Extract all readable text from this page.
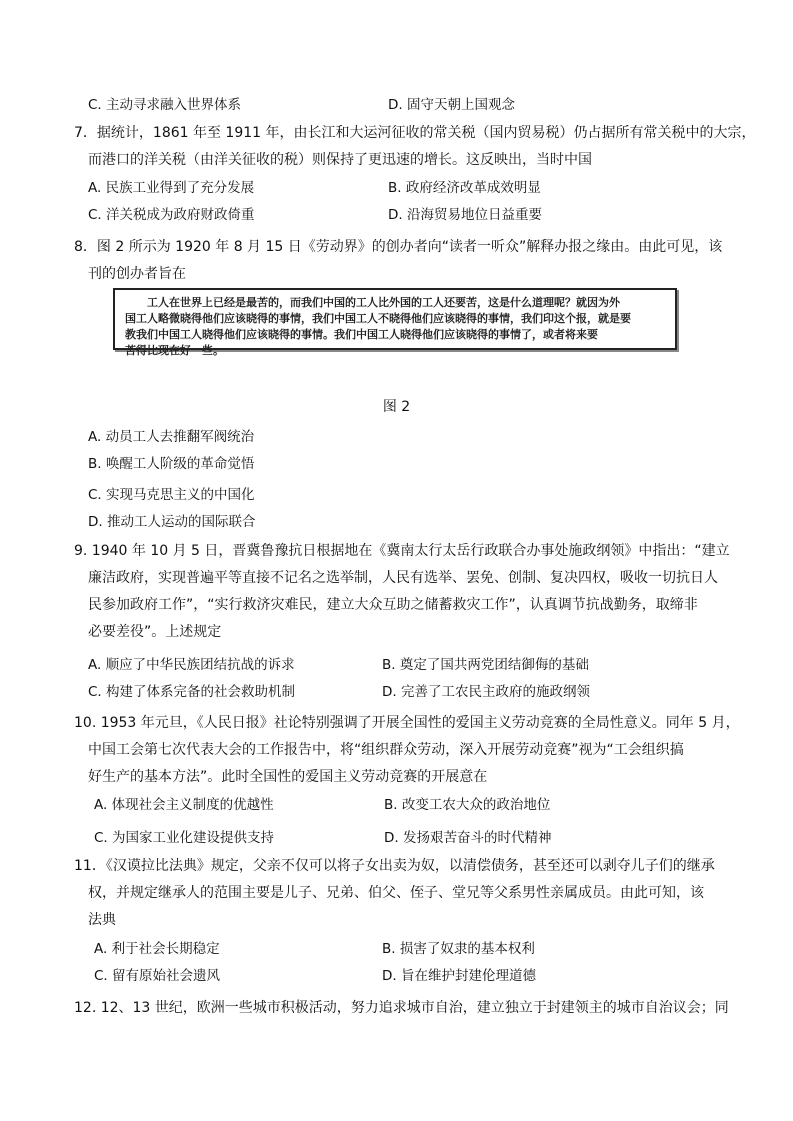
C. 主动寻求融入世界体系	D. 固守天朝上国观念
7．据统计，1861 年至 1911 年，由长江和大运河征收的常关税（国内贸易税）仍占据所有常关税中的大宗，
而港口的洋关税（由洋关征收的税）则保持了更迅速的增长。这反映出，当时中国
A. 民族工业得到了充分发展	B. 政府经济改革成效明显
C. 洋关税成为政府财政倚重	D. 沿海贸易地位日益重要
8．图 2 所示为 1920 年 8 月 15 日《劳动界》的创办者向“读者一听众”解释办报之缘由。由此可见，该
刊的创办者旨在
工人在世界上已经是最苦的，而我们中国的工人比外国的工人还要苦，这是什么道理呢？就因为外
国工人略微晓得他们应该晓得的事情，我们中国工人不晓得他们应该晓得的事情，我们印这个报，就是要
教我们中国工人晓得他们应该晓得的事情。我们中国工人晓得他们应该晓得的事情了，或者将来要
苦得比现在好一些。
图 2
A. 动员工人去推翻军阀统治
B. 唤醒工人阶级的革命觉悟
C. 实现马克思主义的中国化
D. 推动工人运动的国际联合
9. 1940 年 10 月 5 日，晋冀鲁豫抗日根据地在《冀南太行太岳行政联合办事处施政纲领》中指出：“建立
廉洁政府，实现普遍平等直接不记名之选举制，人民有选举、罢免、创制、复决四权，吸收一切抗日人
民参加政府工作”，“实行救济灾难民，建立大众互助之储蓄救灾工作”，认真调节抗战勤务，取缔非
必要差役”。上述规定
A. 顺应了中华民族团结抗战的诉求	B. 奠定了国共两党团结御侮的基础
C. 构建了体系完备的社会救助机制	D. 完善了工农民主政府的施政纲领
10. 1953 年元旦，《人民日报》社论特别强调了开展全国性的爱国主义劳动竞赛的全局性意义。同年 5 月，
中国工会第七次代表大会的工作报告中，将“组织群众劳动，深入开展劳动竞赛”视为“工会组织搞
好生产的基本方法”。此时全国性的爱国主义劳动竞赛的开展意在
A. 体现社会主义制度的优越性	B. 改变工农大众的政治地位
C. 为国家工业化建设提供支持	D. 发扬艰苦奋斗的时代精神
11．《汉谟拉比法典》规定，父亲不仅可以将子女出卖为奴，以清偿债务，甚至还可以剥夺儿子们的继承
权，并规定继承人的范围主要是儿子、兄弟、伯父、侄子、堂兄等父系男性亲属成员。由此可知，该
法典
A. 利于社会长期稳定	B. 损害了奴隶的基本权利
C. 留有原始社会遗风	D. 旨在维护封建伦理道德
12. 12、13 世纪，欧洲一些城市积极活动，努力追求城市自治，建立独立于封建领主的城市自治议会；同
